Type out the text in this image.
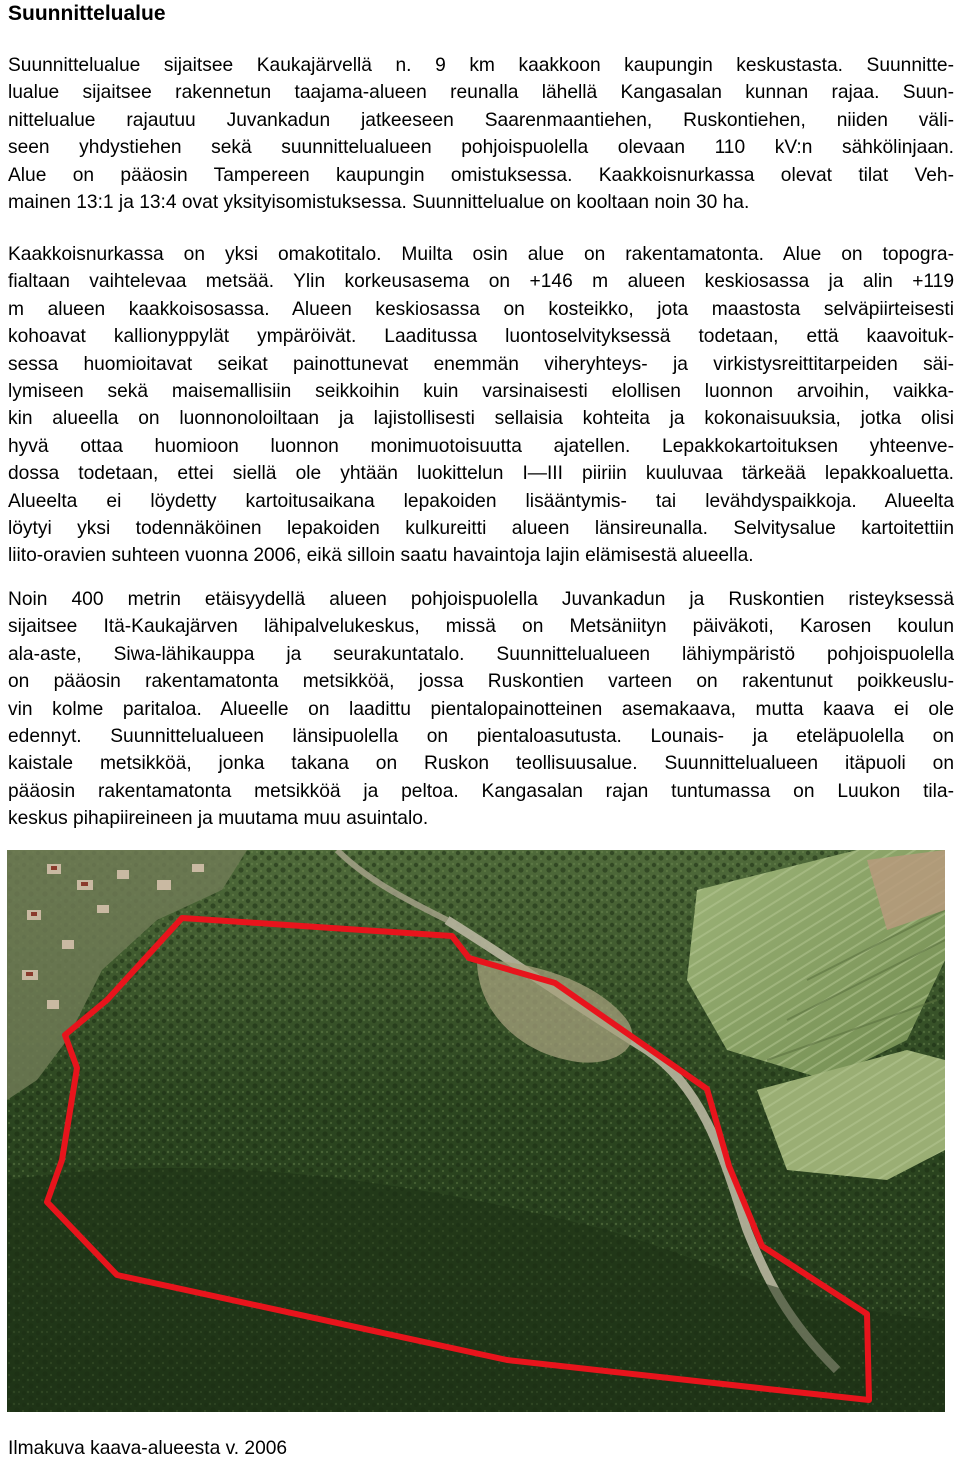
Suunnittelualue
Suunnittelualue sijaitsee Kaukajärvellä n. 9 km kaakkoon kaupungin keskustasta. Suunnitte-
lualue sijaitsee rakennetun taajama-alueen reunalla lähellä Kangasalan kunnan rajaa. Suun-
nittelualue rajautuu Juvankadun jatkeeseen Saarenmaantiehen, Ruskontiehen, niiden väli-
seen yhdystiehen sekä suunnittelualueen pohjoispuolella olevaan 110 kV:n sähkölinjaan.
Alue on pääosin Tampereen kaupungin omistuksessa. Kaakkoisnurkassa olevat tilat Veh-
mainen 13:1 ja 13:4 ovat yksityisomistuksessa. Suunnittelualue on kooltaan noin 30 ha.
Kaakkoisnurkassa on yksi omakotitalo. Muilta osin alue on rakentamatonta. Alue on topogra-
fialtaan vaihtelevaa metsää. Ylin korkeusasema on +146 m alueen keskiosassa ja alin +119
m alueen kaakkoisosassa. Alueen keskiosassa on kosteikko, jota maastosta selväpiirteisesti
kohoavat kallionyppylät ympäröivät. Laaditussa luontoselvityksessä todetaan, että kaavoituk-
sessa huomioitavat seikat painottunevat enemmän viheryhteys- ja virkistysreittitarpeiden säi-
lymiseen sekä maisemallisiin seikkoihin kuin varsinaisesti elollisen luonnon arvoihin, vaikka-
kin alueella on luonnonoloiltaan ja lajistollisesti sellaisia kohteita ja kokonaisuuksia, jotka olisi
hyvä ottaa huomioon luonnon monimuotoisuutta ajatellen. Lepakkokartoituksen yhteenve-
dossa todetaan, ettei siellä ole yhtään luokittelun I—III piiriin kuuluvaa tärkeää lepakkoaluetta.
Alueelta ei löydetty kartoitusaikana lepakoiden lisääntymis- tai levähdyspaikkoja. Alueelta
löytyi yksi todennäköinen lepakoiden kulkureitti alueen länsireunalla. Selvitysalue kartoitettiin
liito-oravien suhteen vuonna 2006, eikä silloin saatu havaintoja lajin elämisestä alueella.
Noin 400 metrin etäisyydellä alueen pohjoispuolella Juvankadun ja Ruskontien risteyksessä
sijaitsee Itä-Kaukajärven lähipalvelukeskus, missä on Metsäniityn päiväkoti, Karosen koulun
ala-aste, Siwa-lähikauppa ja seurakuntatalo. Suunnittelualueen lähiympäristö pohjoispuolella
on pääosin rakentamatonta metsikköä, jossa Ruskontien varteen on rakentunut poikkeuslu-
vin kolme paritaloa. Alueelle on laadittu pientalopainotteinen asemakaava, mutta kaava ei ole
edennyt. Suunnittelualueen länsipuolella on pientaloasutusta. Lounais- ja eteläpuolella on
kaistale metsikköä, jonka takana on Ruskon teollisuusalue. Suunnittelualueen itäpuoli on
pääosin rakentamatonta metsikköä ja peltoa. Kangasalan rajan tuntumassa on Luukon tila-
keskus pihapiireineen ja muutama muu asuintalo.

Ilmakuva kaava-alueesta v. 2006
